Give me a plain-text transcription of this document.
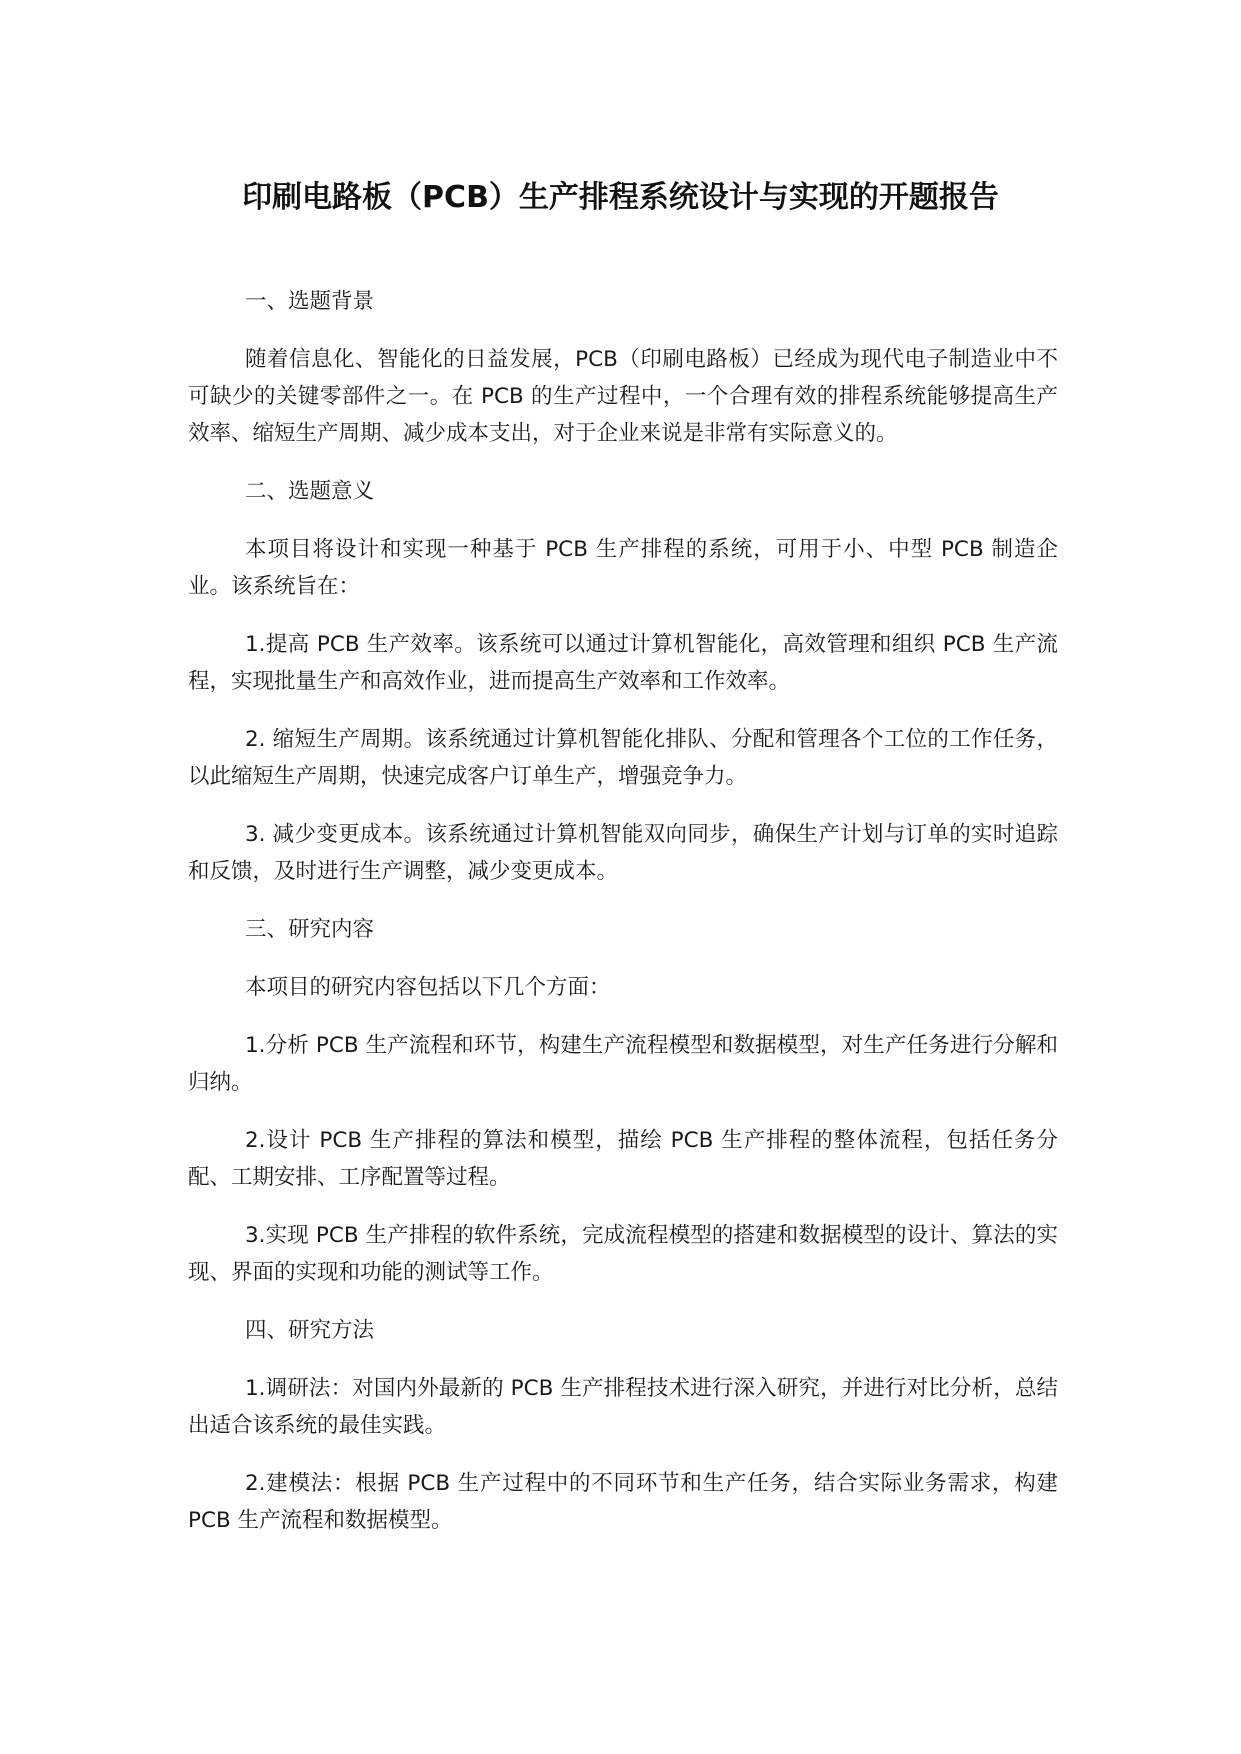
印刷电路板（PCB）生产排程系统设计与实现的开题报告

一、选题背景

随着信息化、智能化的日益发展，PCB（印刷电路板）已经成为现代电子制造业中不可缺少的关键零部件之一。在 PCB 的生产过程中，一个合理有效的排程系统能够提高生产效率、缩短生产周期、减少成本支出，对于企业来说是非常有实际意义的。

二、选题意义

本项目将设计和实现一种基于 PCB 生产排程的系统，可用于小、中型 PCB 制造企业。该系统旨在：

1.提高 PCB 生产效率。该系统可以通过计算机智能化，高效管理和组织 PCB 生产流程，实现批量生产和高效作业，进而提高生产效率和工作效率。

2. 缩短生产周期。该系统通过计算机智能化排队、分配和管理各个工位的工作任务，以此缩短生产周期，快速完成客户订单生产，增强竞争力。

3. 减少变更成本。该系统通过计算机智能双向同步，确保生产计划与订单的实时追踪和反馈，及时进行生产调整，减少变更成本。

三、研究内容

本项目的研究内容包括以下几个方面：

1.分析 PCB 生产流程和环节，构建生产流程模型和数据模型，对生产任务进行分解和归纳。

2.设计 PCB 生产排程的算法和模型，描绘 PCB 生产排程的整体流程，包括任务分配、工期安排、工序配置等过程。

3.实现 PCB 生产排程的软件系统，完成流程模型的搭建和数据模型的设计、算法的实现、界面的实现和功能的测试等工作。

四、研究方法

1.调研法：对国内外最新的 PCB 生产排程技术进行深入研究，并进行对比分析，总结出适合该系统的最佳实践。

2.建模法：根据 PCB 生产过程中的不同环节和生产任务，结合实际业务需求，构建 PCB 生产流程和数据模型。
